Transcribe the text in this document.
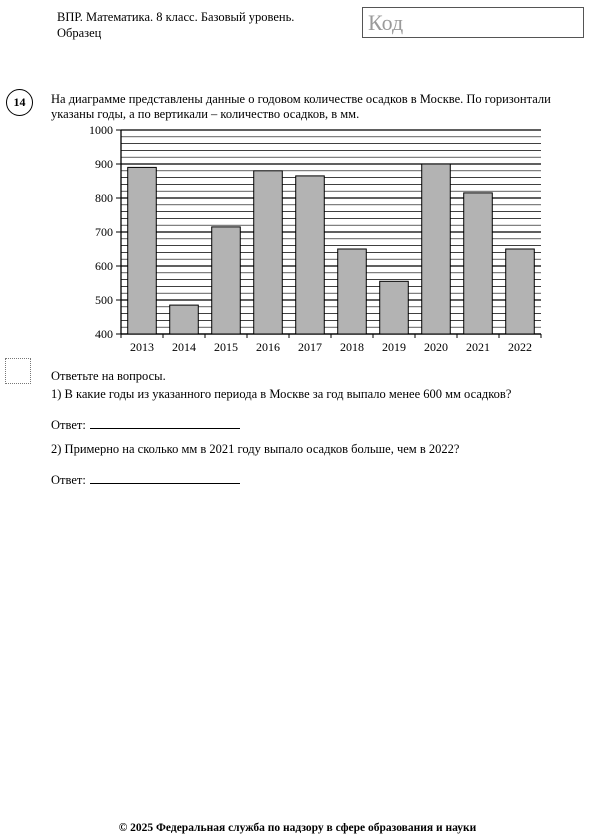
ВПР. Математика. 8 класс. Базовый уровень.
Образец	Код
14	На диаграмме представлены данные о годовом количестве осадков в Москве. По горизонтали указаны годы, а по вертикали – количество осадков, в мм.
400
500
600
700
800
900
1000
2013 2014 2015 2016 2017 2018 2019 2020 2021 2022
Ответьте на вопросы.
1) В какие годы из указанного периода в Москве за год выпало менее 600 мм осадков?
Ответ:
2) Примерно на сколько мм в 2021 году выпало осадков больше, чем в 2022?
Ответ:
© 2025 Федеральная служба по надзору в сфере образования и науки
